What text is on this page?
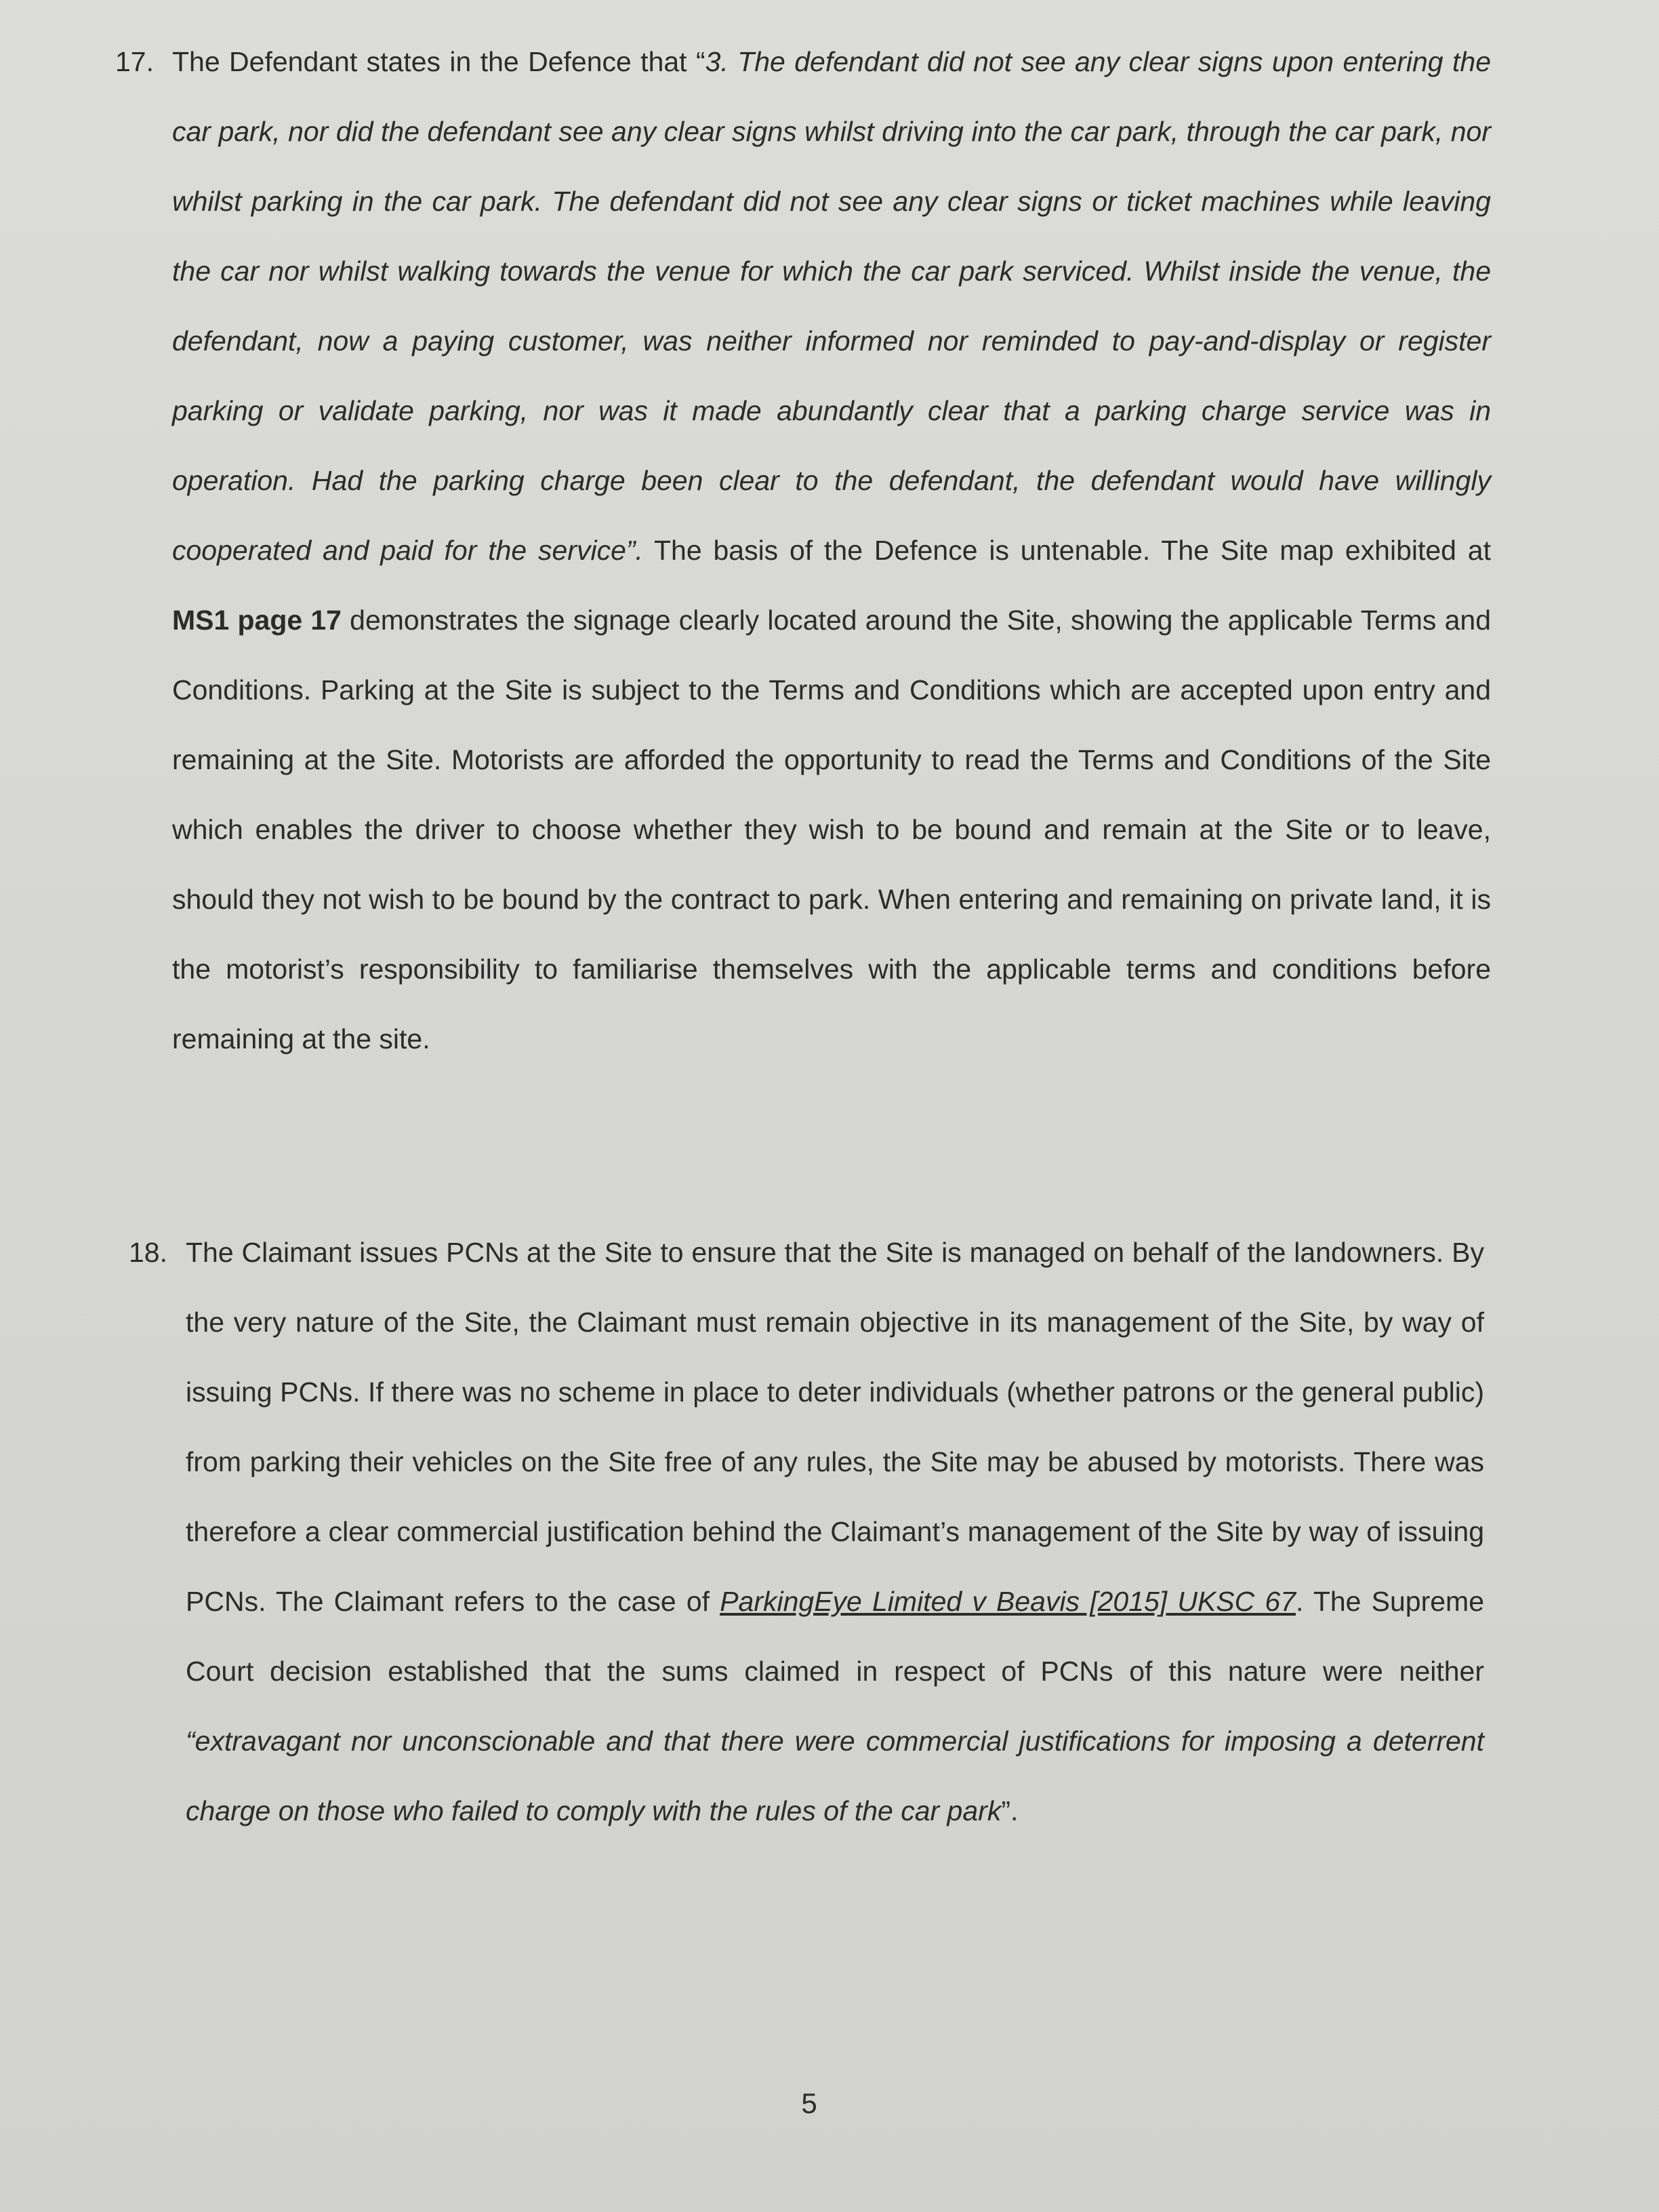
17. The Defendant states in the Defence that “3. The defendant did not see any clear signs upon entering the car park, nor did the defendant see any clear signs whilst driving into the car park, through the car park, nor whilst parking in the car park. The defendant did not see any clear signs or ticket machines while leaving the car nor whilst walking towards the venue for which the car park serviced. Whilst inside the venue, the defendant, now a paying customer, was neither informed nor reminded to pay-and-display or register parking or validate parking, nor was it made abundantly clear that a parking charge service was in operation. Had the parking charge been clear to the defendant, the defendant would have willingly cooperated and paid for the service”. The basis of the Defence is untenable. The Site map exhibited at MS1 page 17 demonstrates the signage clearly located around the Site, showing the applicable Terms and Conditions. Parking at the Site is subject to the Terms and Conditions which are accepted upon entry and remaining at the Site. Motorists are afforded the opportunity to read the Terms and Conditions of the Site which enables the driver to choose whether they wish to be bound and remain at the Site or to leave, should they not wish to be bound by the contract to park. When entering and remaining on private land, it is the motorist’s responsibility to familiarise themselves with the applicable terms and conditions before remaining at the site.
18. The Claimant issues PCNs at the Site to ensure that the Site is managed on behalf of the landowners. By the very nature of the Site, the Claimant must remain objective in its management of the Site, by way of issuing PCNs. If there was no scheme in place to deter individuals (whether patrons or the general public) from parking their vehicles on the Site free of any rules, the Site may be abused by motorists. There was therefore a clear commercial justification behind the Claimant’s management of the Site by way of issuing PCNs. The Claimant refers to the case of ParkingEye Limited v Beavis [2015] UKSC 67. The Supreme Court decision established that the sums claimed in respect of PCNs of this nature were neither “extravagant nor unconscionable and that there were commercial justifications for imposing a deterrent charge on those who failed to comply with the rules of the car park”.
5
